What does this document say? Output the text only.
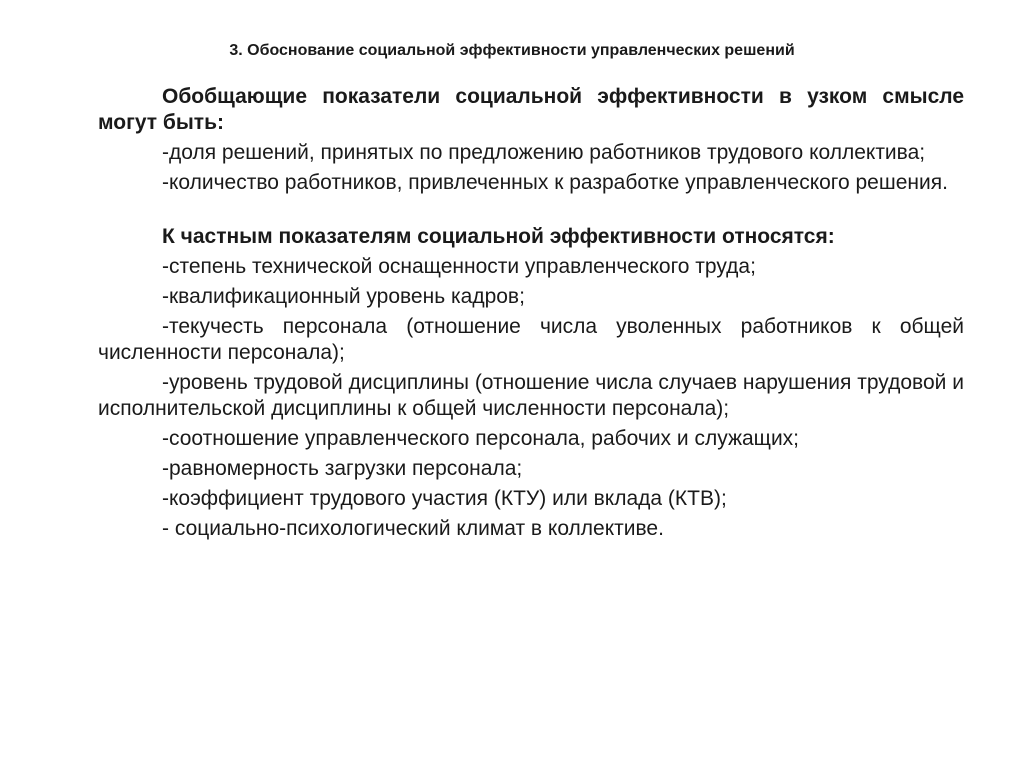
3. Обоснование социальной эффективности управленческих решений

Обобщающие показатели социальной эффективности в узком смысле могут быть:

-доля решений, принятых по предложению работников трудового коллектива;

-количество работников, привлеченных к разработке управленческого решения.

К частным показателям социальной эффективности относятся:

-степень технической оснащенности управленческого труда;

-квалификационный уровень кадров;

-текучесть персонала (отношение числа уволенных работников к общей численности персонала);

-уровень трудовой дисциплины (отношение числа случаев нарушения трудовой и исполнительской дисциплины к общей численности персонала);

-соотношение управленческого персонала, рабочих и служащих;

-равномерность загрузки персонала;

-коэффициент трудового участия (КТУ) или вклада (КТВ);

- социально-психологический климат в коллективе.
